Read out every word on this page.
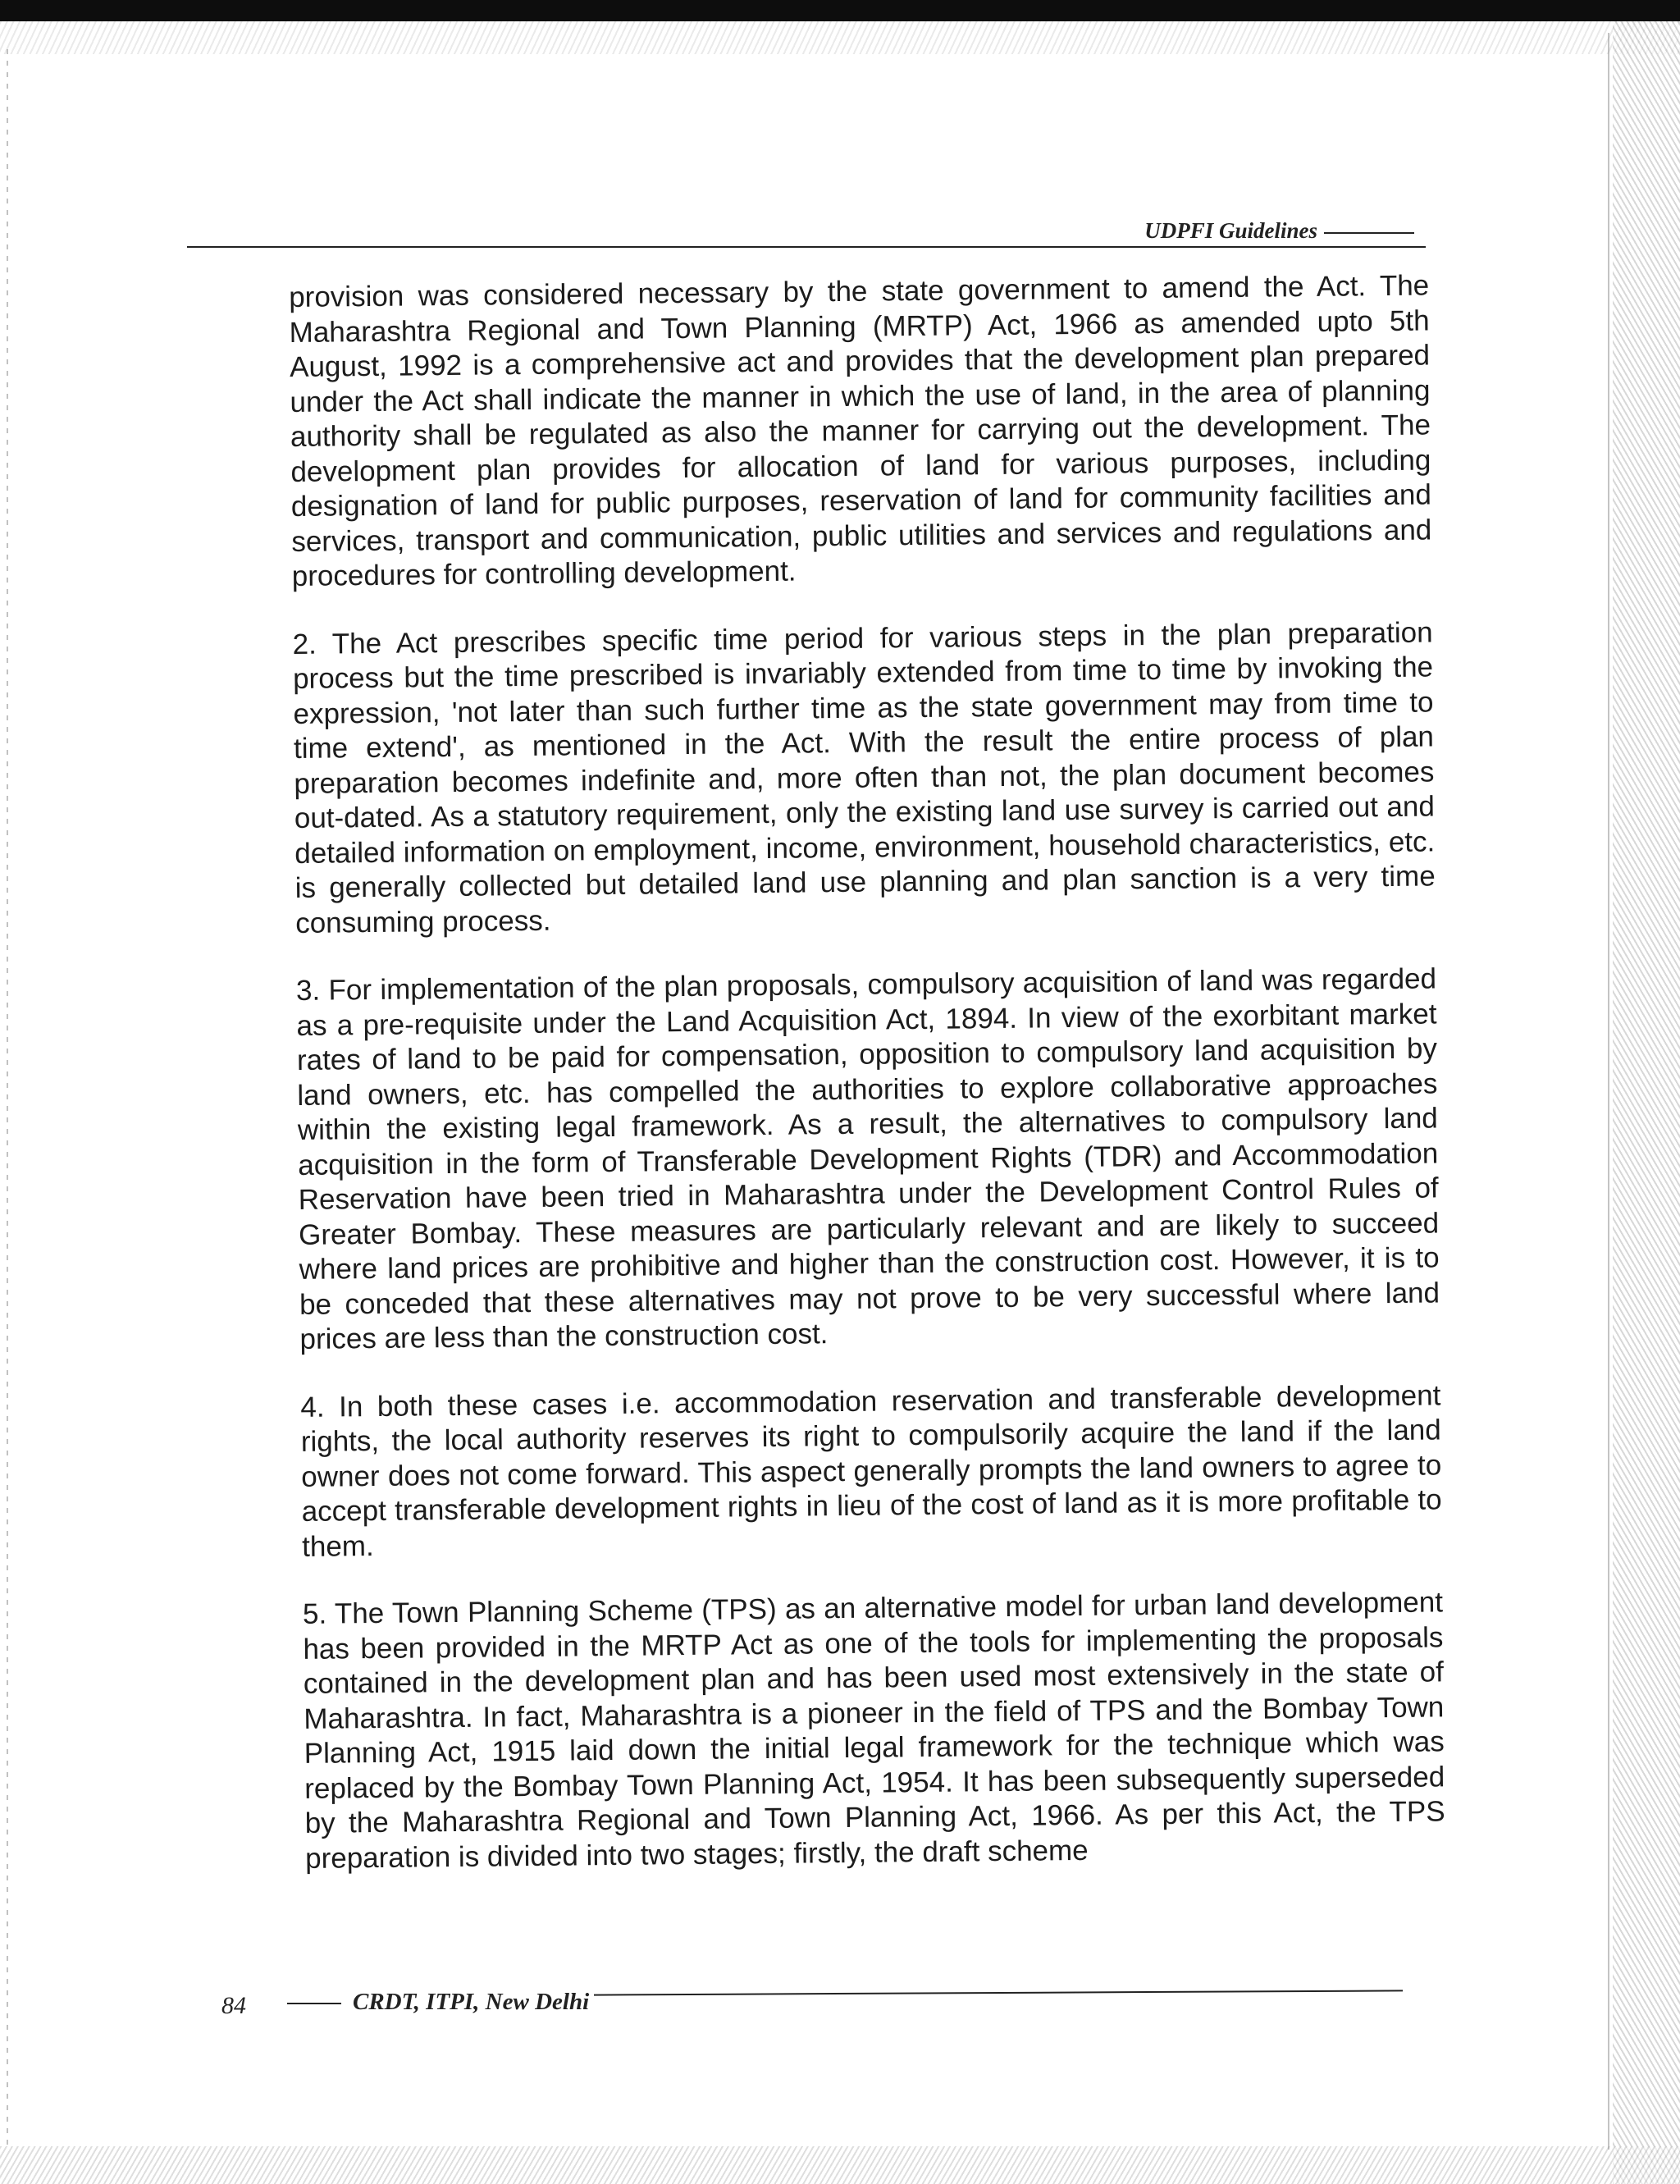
UDPFI Guidelines

provision was considered necessary by the state government to amend the Act. The Maharashtra Regional and Town Planning (MRTP) Act, 1966 as amended upto 5th August, 1992 is a comprehensive act and provides that the development plan prepared under the Act shall indicate the manner in which the use of land, in the area of planning authority shall be regulated as also the manner for carrying out the development. The development plan provides for allocation of land for various purposes, including designation of land for public purposes, reservation of land for community facilities and services, transport and communication, public utilities and services and regulations and procedures for controlling development.

2. The Act prescribes specific time period for various steps in the plan preparation process but the time prescribed is invariably extended from time to time by invoking the expression, 'not later than such further time as the state government may from time to time extend', as mentioned in the Act. With the result the entire process of plan preparation becomes indefinite and, more often than not, the plan document becomes out-dated. As a statutory requirement, only the existing land use survey is carried out and detailed information on employment, income, environment, household characteristics, etc. is generally collected but detailed land use planning and plan sanction is a very time consuming process.

3. For implementation of the plan proposals, compulsory acquisition of land was regarded as a pre-requisite under the Land Acquisition Act, 1894. In view of the exorbitant market rates of land to be paid for compensation, opposition to compulsory land acquisition by land owners, etc. has compelled the authorities to explore collaborative approaches within the existing legal framework. As a result, the alternatives to compulsory land acquisition in the form of Transferable Development Rights (TDR) and Accommodation Reservation have been tried in Maharashtra under the Development Control Rules of Greater Bombay. These measures are particularly relevant and are likely to succeed where land prices are prohibitive and higher than the construction cost. However, it is to be conceded that these alternatives may not prove to be very successful where land prices are less than the construction cost.

4. In both these cases i.e. accommodation reservation and transferable development rights, the local authority reserves its right to compulsorily acquire the land if the land owner does not come forward. This aspect generally prompts the land owners to agree to accept transferable development rights in lieu of the cost of land as it is more profitable to them.

5. The Town Planning Scheme (TPS) as an alternative model for urban land development has been provided in the MRTP Act as one of the tools for implementing the proposals contained in the development plan and has been used most extensively in the state of Maharashtra. In fact, Maharashtra is a pioneer in the field of TPS and the Bombay Town Planning Act, 1915 laid down the initial legal framework for the technique which was replaced by the Bombay Town Planning Act, 1954. It has been subsequently superseded by the Maharashtra Regional and Town Planning Act, 1966. As per this Act, the TPS preparation is divided into two stages; firstly, the draft scheme

84	CRDT, ITPI, New Delhi
